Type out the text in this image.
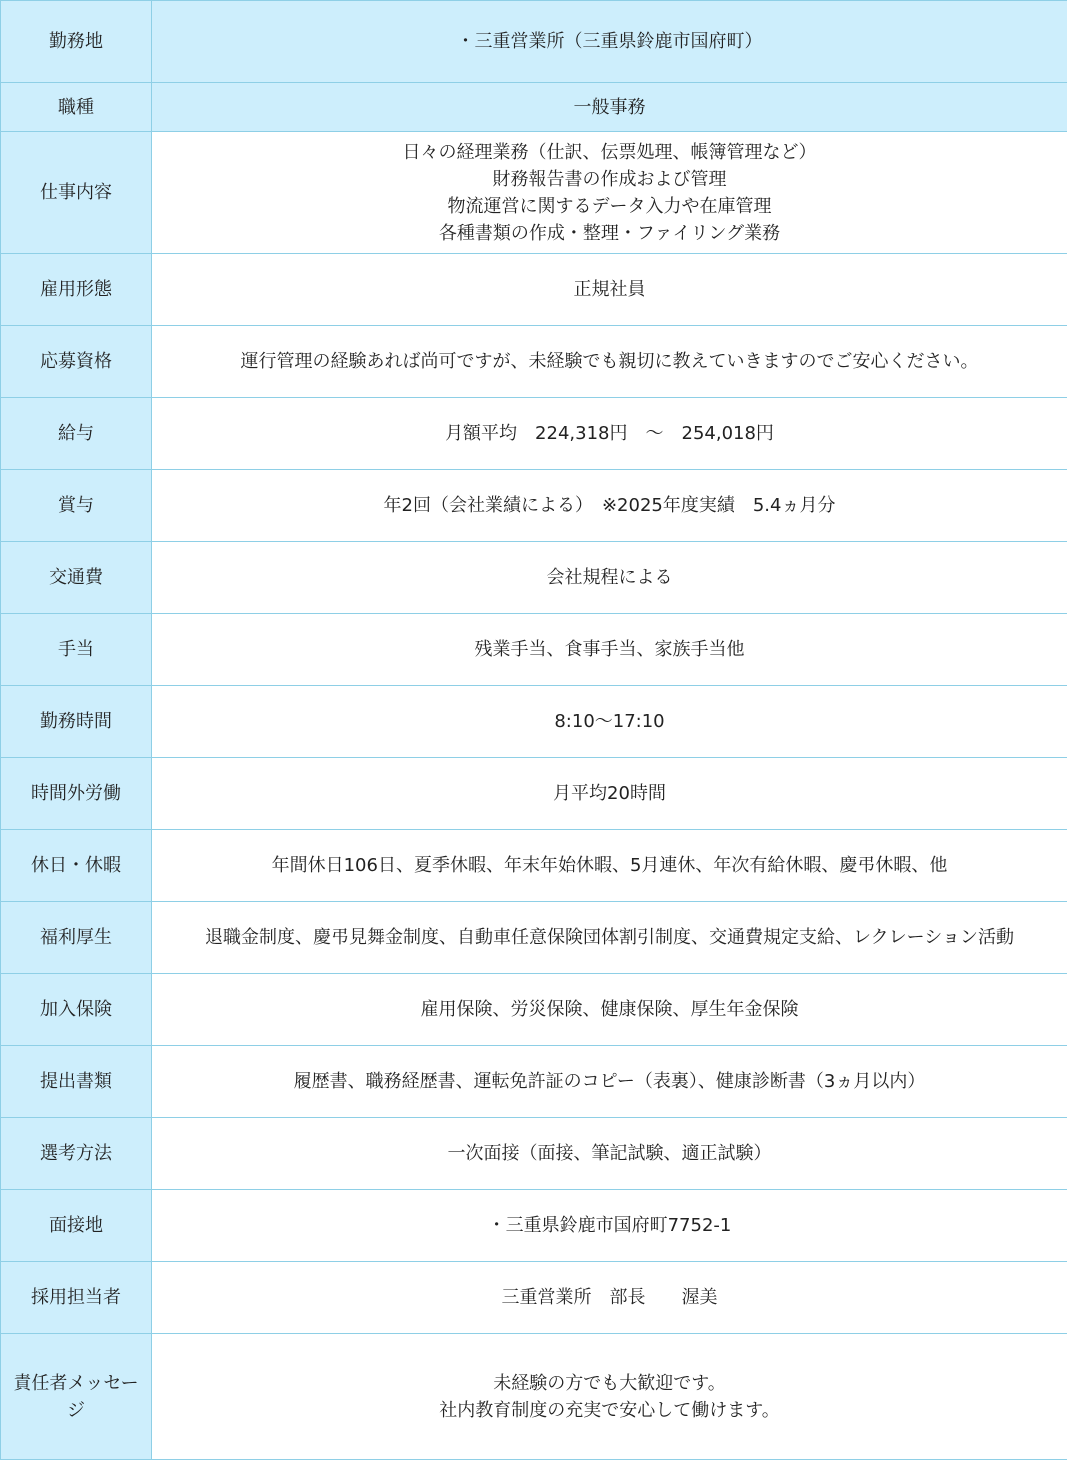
勤務地	・三重営業所（三重県鈴鹿市国府町）

職種	一般事務

仕事内容	日々の経理業務（仕訳、伝票処理、帳簿管理など）
財務報告書の作成および管理
物流運営に関するデータ入力や在庫管理
各種書類の作成・整理・ファイリング業務

雇用形態	正規社員

応募資格	運行管理の経験あれば尚可ですが、未経験でも親切に教えていきますのでご安心ください。

給与	月額平均　224,318円　～　254,018円

賞与	年2回（会社業績による）　※2025年度実績　5.4ヵ月分

交通費	会社規程による

手当	残業手当、食事手当、家族手当他

勤務時間	8:10～17:10

時間外労働	月平均20時間

休日・休暇	年間休日106日、夏季休暇、年末年始休暇、5月連休、年次有給休暇、慶弔休暇、他

福利厚生	退職金制度、慶弔見舞金制度、自動車任意保険団体割引制度、交通費規定支給、レクレーション活動

加入保険	雇用保険、労災保険、健康保険、厚生年金保険

提出書類	履歴書、職務経歴書、運転免許証のコピー（表裏）、健康診断書（3ヵ月以内）

選考方法	一次面接（面接、筆記試験、適正試験）

面接地	・三重県鈴鹿市国府町7752-1

採用担当者	三重営業所　部長　　渥美

責任者メッセージ	未経験の方でも大歓迎です。
社内教育制度の充実で安心して働けます。
